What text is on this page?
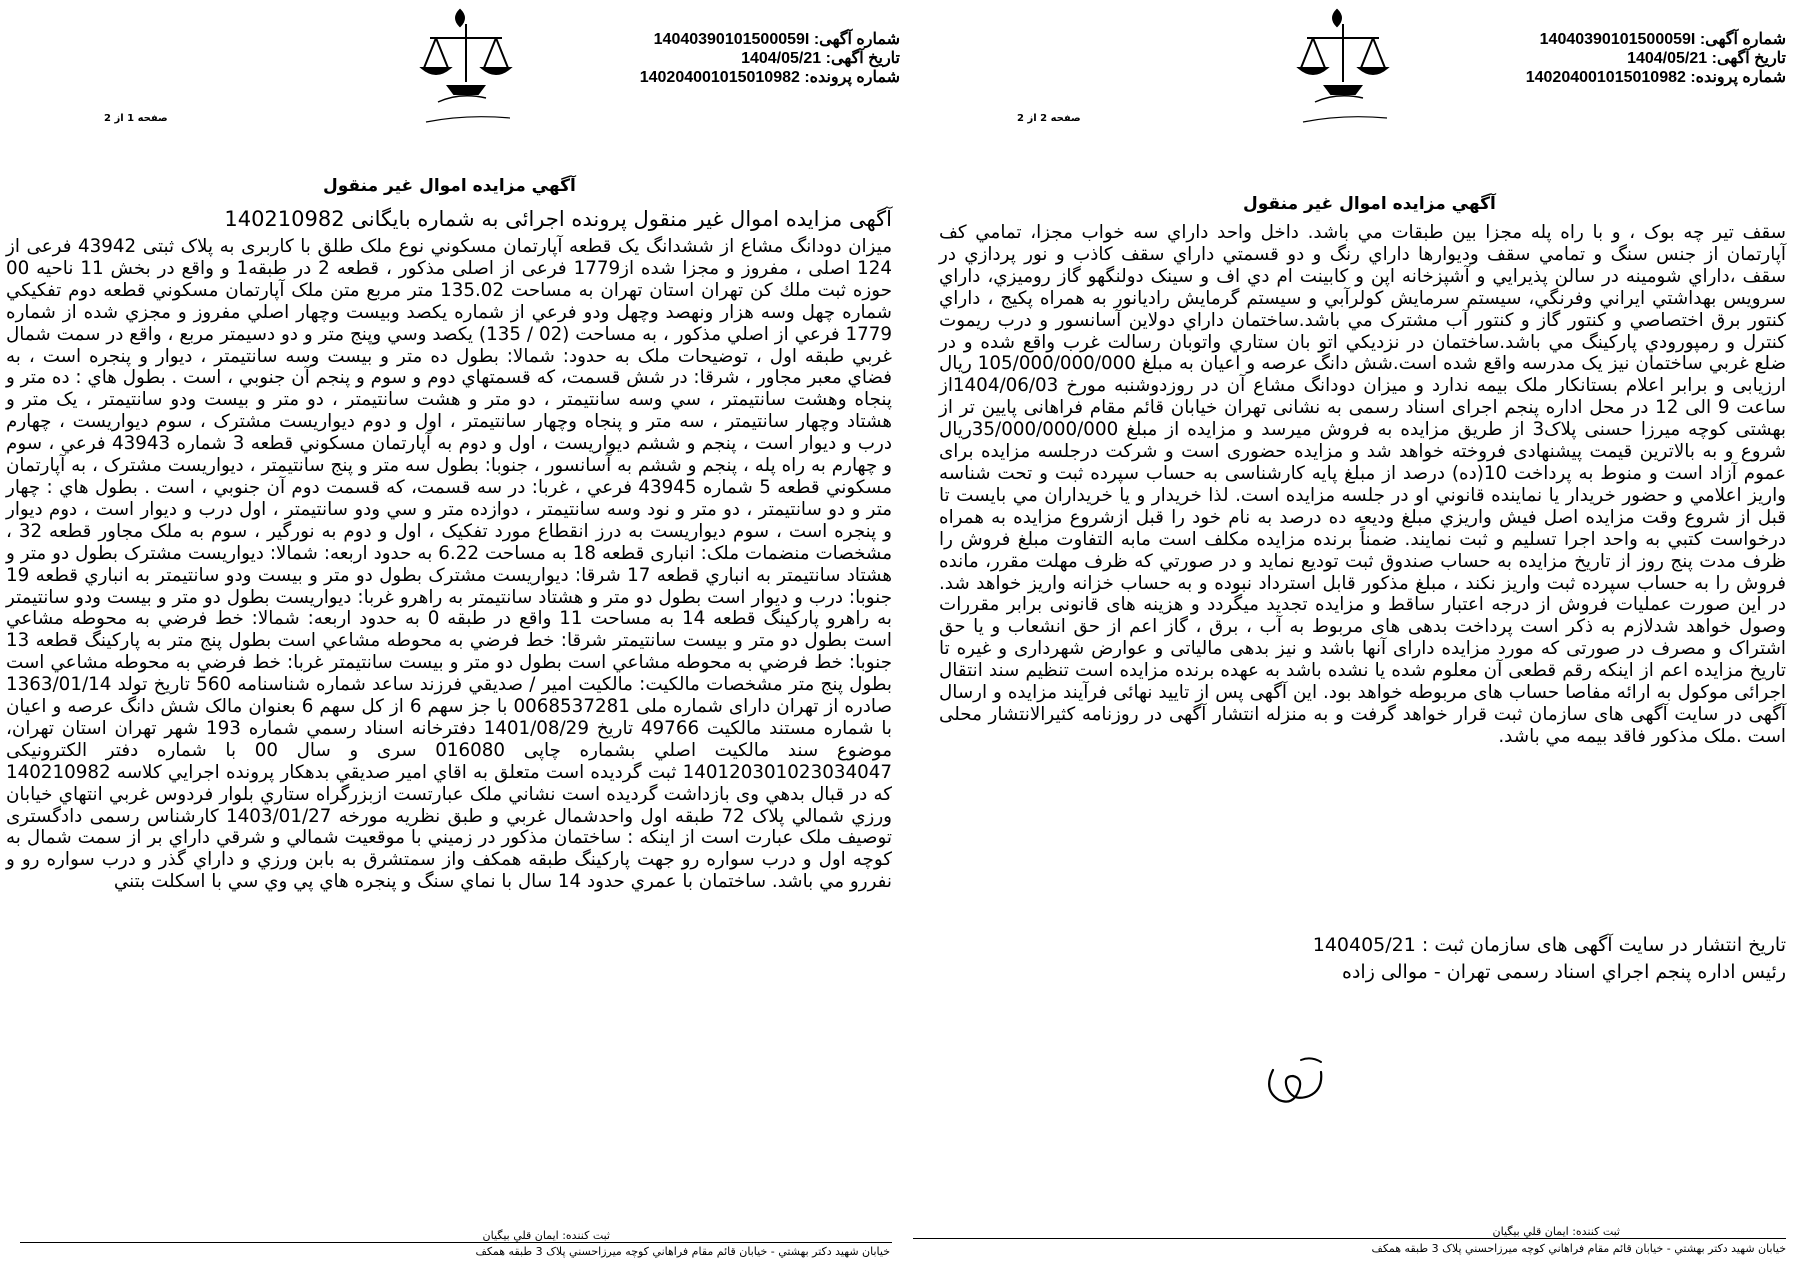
شماره آگهی: 14040390101500059I
تاریخ آگهی: 1404/05/21
شماره پرونده: 140204001015010982
صفحه 1 از 2
آگهي مزايده اموال غير منقول
آگهی مزایده اموال غیر منقول پرونده اجرائی به شماره بایگانی 140210982

ميزان دودانگ مشاع از ششدانگ يک قطعه آپارتمان مسکوني نوع ملک طلق با کاربری به پلاک ثبتی 43942 فرعی از 124 اصلی ، مفروز و مجزا شده از1779 فرعی از اصلی مذکور ، قطعه 2 در طبقه1 و واقع در بخش 11 ناحيه 00 حوزه ثبت ملك کن تهران استان تهران به مساحت 135.02 متر مربع متن ملک آپارتمان مسکوني قطعه دوم تفکيکي شماره چهل وسه هزار ونهصد وچهل ودو فرعي از شماره يکصد وبيست وچهار اصلي مفروز و مجزي شده از شماره 1779 فرعي از اصلي مذکور ، به مساحت (02 / 135) يکصد وسي وپنج متر و دو دسيمتر مربع ، واقع در سمت شمال غربي طبقه اول ، توضيحات ملک به حدود: شمالا: بطول ده متر و بيست وسه سانتيمتر ، ديوار و پنجره است ، به فضاي معبر مجاور ، شرقا: در شش قسمت، که قسمتهاي دوم و سوم و پنجم آن جنوبي ، است . بطول هاي : ده متر و پنجاه وهشت سانتيمتر ، سي وسه سانتيمتر ، دو متر و هشت سانتيمتر ، دو متر و بيست ودو سانتيمتر ، يک متر و هشتاد وچهار سانتيمتر ، سه متر و پنجاه وچهار سانتيمتر ، اول و دوم ديواريست مشترک ، سوم ديواريست ، چهارم درب و ديوار است ، پنجم و ششم ديواريست ، اول و دوم به آپارتمان مسکوني قطعه 3 شماره 43943 فرعي ، سوم و چهارم به راه پله ، پنجم و ششم به آسانسور ، جنوبا: بطول سه متر و پنج سانتيمتر ، ديواريست مشترک ، به آپارتمان مسکوني قطعه 5 شماره 43945 فرعي ، غربا: در سه قسمت، که قسمت دوم آن جنوبي ، است . بطول هاي : چهار متر و دو سانتيمتر ، دو متر و نود وسه سانتيمتر ، دوازده متر و سي ودو سانتيمتر ، اول درب و ديوار است ، دوم ديوار و پنجره است ، سوم ديواريست به درز انقطاع مورد تفکيک ، اول و دوم به نورگير ، سوم به ملک مجاور قطعه 32 ، مشخصات منضمات ملک: انباری قطعه 18 به مساحت 6.22 به حدود اربعه: شمالا: ديواريست مشترک بطول دو متر و هشتاد سانتيمتر به انباري قطعه 17 شرقا: ديواريست مشترک بطول دو متر و بيست ودو سانتيمتر به انباري قطعه 19 جنوبا: درب و ديوار است بطول دو متر و هشتاد سانتيمتر به راهرو غربا: ديواريست بطول دو متر و بيست ودو سانتيمتر به راهرو پارکينگ قطعه 14 به مساحت 11 واقع در طبقه 0 به حدود اربعه: شمالا: خط فرضي به محوطه مشاعي است بطول دو متر و بيست سانتيمتر شرقا: خط فرضي به محوطه مشاعي است بطول پنج متر به پارکينگ قطعه 13 جنوبا: خط فرضي به محوطه مشاعي است بطول دو متر و بيست سانتيمتر غربا: خط فرضي به محوطه مشاعي است بطول پنج متر مشخصات مالکيت: مالکيت امير / صديقي فرزند ساعد شماره شناسنامه 560 تاريخ تولد 1363/01/14 صادره از تهران دارای شماره ملی 0068537281 با جز سهم 6 از کل سهم 6 بعنوان مالک شش دانگ عرصه و اعيان با شماره مستند مالکيت 49766 تاريخ 1401/08/29 دفترخانه اسناد رسمي شماره 193 شهر تهران استان تهران، موضوع سند مالکيت اصلي بشماره چاپی 016080 سری و سال 00 با شماره دفتر الکترونيکی 140120301023034047 ثبت گرديده است متعلق به اقاي امير صديقي بدهکار پرونده اجرايي کلاسه 140210982 که در قبال بدهي وی بازداشت گرديده است نشاني ملک عبارتست ازبزرگراه ستاري بلوار فردوس غربي انتهاي خيابان ورزي شمالي پلاک 72 طبقه اول واحدشمال غربي و طبق نظريه مورخه 1403/01/27 کارشناس رسمی دادگستری توصيف ملک عبارت است از اينکه : ساختمان مذکور در زميني با موقعيت شمالي و شرقي داراي بر از سمت شمال به کوچه اول و درب سواره رو جهت پارکينگ طبقه همکف واز سمتشرق به بابن ورزي و داراي گذر و درب سواره رو و نفررو مي باشد. ساختمان با عمري حدود 14 سال با نماي سنگ و پنجره هاي پي وي سي با اسکلت بتني

ثبت کننده: ايمان قلي بيگيان
خيابان شهيد دکتر بهشتي - خيابان قائم مقام فراهاني کوچه ميرزاحسني پلاک 3 طبقه همکف
شماره آگهی: 14040390101500059I
تاریخ آگهی: 1404/05/21
شماره پرونده: 140204001015010982
صفحه 2 از 2
آگهي مزايده اموال غير منقول

سقف تير چه بوک ، و با راه پله مجزا بين طبقات مي باشد. داخل واحد داراي سه خواب مجزا، تمامي کف آپارتمان از جنس سنگ و تمامي سقف وديوارها داراي رنگ و دو قسمتي داراي سقف کاذب و نور پردازي در سقف ،داراي شومينه در سالن پذيرايي و آشپزخانه اپن و کابينت ام دي اف و سينک دولنگهو گاز روميزي، داراي سرويس بهداشتي ايراني وفرنگي، سيستم سرمايش کولرآبي و سيستم گرمايش راديانور به همراه پکيج ، داراي کنتور برق اختصاصي و کنتور گاز و کنتور آب مشترک مي باشد.ساختمان داراي دولاين آسانسور و درب ريموت کنترل و رمپورودي پارکينگ مي باشد.ساختمان در نزديکي اتو بان ستاري واتوبان رسالت غرب واقع شده و در ضلع غربي ساختمان نيز يک مدرسه واقع شده است.شش دانگ عرصه و اعيان به مبلغ 105/000/000/000 ريال ارزيابی و برابر اعلام بستانکار ملک بيمه ندارد و ميزان دودانگ مشاع آن در روزدوشنبه مورخ 1404/06/03از ساعت 9 الی 12 در محل اداره پنجم اجرای اسناد رسمی به نشانی تهران خيابان قائم مقام فراهانی پایین تر از بهشتی کوچه میرزا حسنی پلاک3 از طريق مزايده به فروش ميرسد و مزايده از مبلغ 35/000/000/000ريال شروع و به بالاترين قيمت پيشنهادی فروخته خواهد شد و مزايده حضوری است و شرکت درجلسه مزايده برای عموم آزاد است و منوط به پرداخت 10(ده) درصد از مبلغ پايه کارشناسی به حساب سپرده ثبت و تحت شناسه واريز اعلامي و حضور خريدار يا نماينده قانوني او در جلسه مزايده است. لذا خريدار و يا خريداران مي بايست تا قبل از شروع وقت مزايده اصل فيش واريزي مبلغ وديعه ده درصد به نام خود را قبل ازشروع مزايده به همراه درخواست کتبي به واحد اجرا تسليم و ثبت نمايند. ضمناً برنده مزايده مکلف است مابه التفاوت مبلغ فروش را ظرف مدت پنج روز از تاريخ مزايده به حساب صندوق ثبت توديع نمايد و در صورتي که ظرف مهلت مقرر، مانده فروش را به حساب سپرده ثبت واريز نکند ، مبلغ مذکور قابل استرداد نبوده و به حساب خزانه واريز خواهد شد. در اين صورت عمليات فروش از درجه اعتبار ساقط و مزايده تجديد ميگردد و هزينه های قانونی برابر مقررات وصول خواهد شدلازم به ذکر است پرداخت بدهی های مربوط به آب ، برق ، گاز اعم از حق انشعاب و يا حق اشتراک و مصرف در صورتی که مورد مزايده دارای آنها باشد و نيز بدهی مالياتی و عوارض شهرداری و غيره تا تاريخ مزايده اعم از اينکه رقم قطعی آن معلوم شده يا نشده باشد به عهده برنده مزايده است تنظيم سند انتقال اجرائی موکول به ارائه مفاصا حساب های مربوطه خواهد بود. اين آگهی پس از تاييد نهائی فرآيند مزايده و ارسال آگهی در سايت آگهی های سازمان ثبت قرار خواهد گرفت و به منزله انتشار آگهی در روزنامه کثيرالانتشار محلی است .ملک مذکور فاقد بيمه مي باشد.

تاريخ انتشار در سايت آگهی های سازمان ثبت : 140405/21
رئيس اداره پنجم اجراي اسناد رسمی تهران - موالی زاده
ثبت کننده: ايمان قلي بيگيان
خيابان شهيد دکتر بهشتي - خيابان قائم مقام فراهاني کوچه ميرزاحسني پلاک 3 طبقه همکف
